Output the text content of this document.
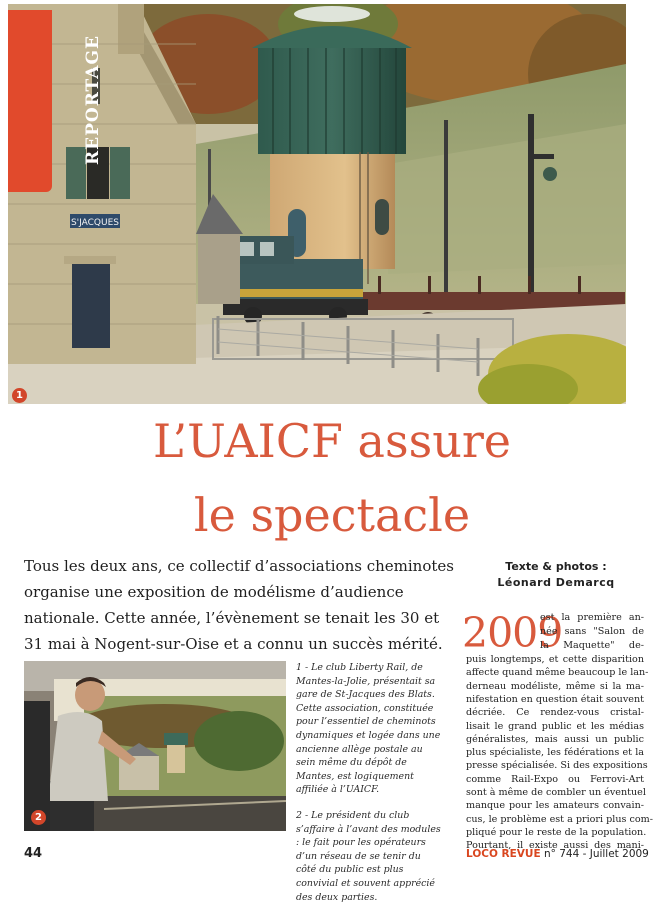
S'JACQUES
REPORTAGE
1
L’UAICF assure
le spectacle
Tous les deux ans, ce collectif d’associations cheminotes organise une exposition de modélisme d’audience nationale. Cette année, l’évènement se tenait les 30 et 31 mai à Nogent-sur-Oise et a connu un succès mérité.
Texte & photos :
Léonard Demarcq
2

1 - Le club Liberty Rail, de Mantes-la-Jolie, présentait sa gare de St-Jacques des Blats. Cette association, constituée pour l’essentiel de cheminots dynamiques et logée dans une ancienne allège postale au sein même du dépôt de Mantes, est logiquement affiliée à l’UAICF.

2 - Le président du club s’affaire à l’avant des modules : le fait pour les opérateurs d’un réseau de se tenir du côté du public est plus convivial et souvent apprécié des deux parties.

2009
est la première an-
née sans "Salon de
la Maquette" de-
puis longtemps, et cette disparition
affecte quand même beaucoup le lan-
derneau modéliste, même si la ma-
nifestation en question était souvent
décriée. Ce rendez-vous cristal-
lisait le grand public et les médias
généralistes, mais aussi un public
plus spécialiste, les fédérations et la
presse spécialisée. Si des expositions
comme Rail-Expo ou Ferrovi-Art
sont à même de combler un éventuel
manque pour les amateurs convain-
cus, le problème est a priori plus com-
pliqué pour le reste de la population.
Pourtant, il existe aussi des mani-
44	LOCO REVUE n° 744 - Juillet 2009
